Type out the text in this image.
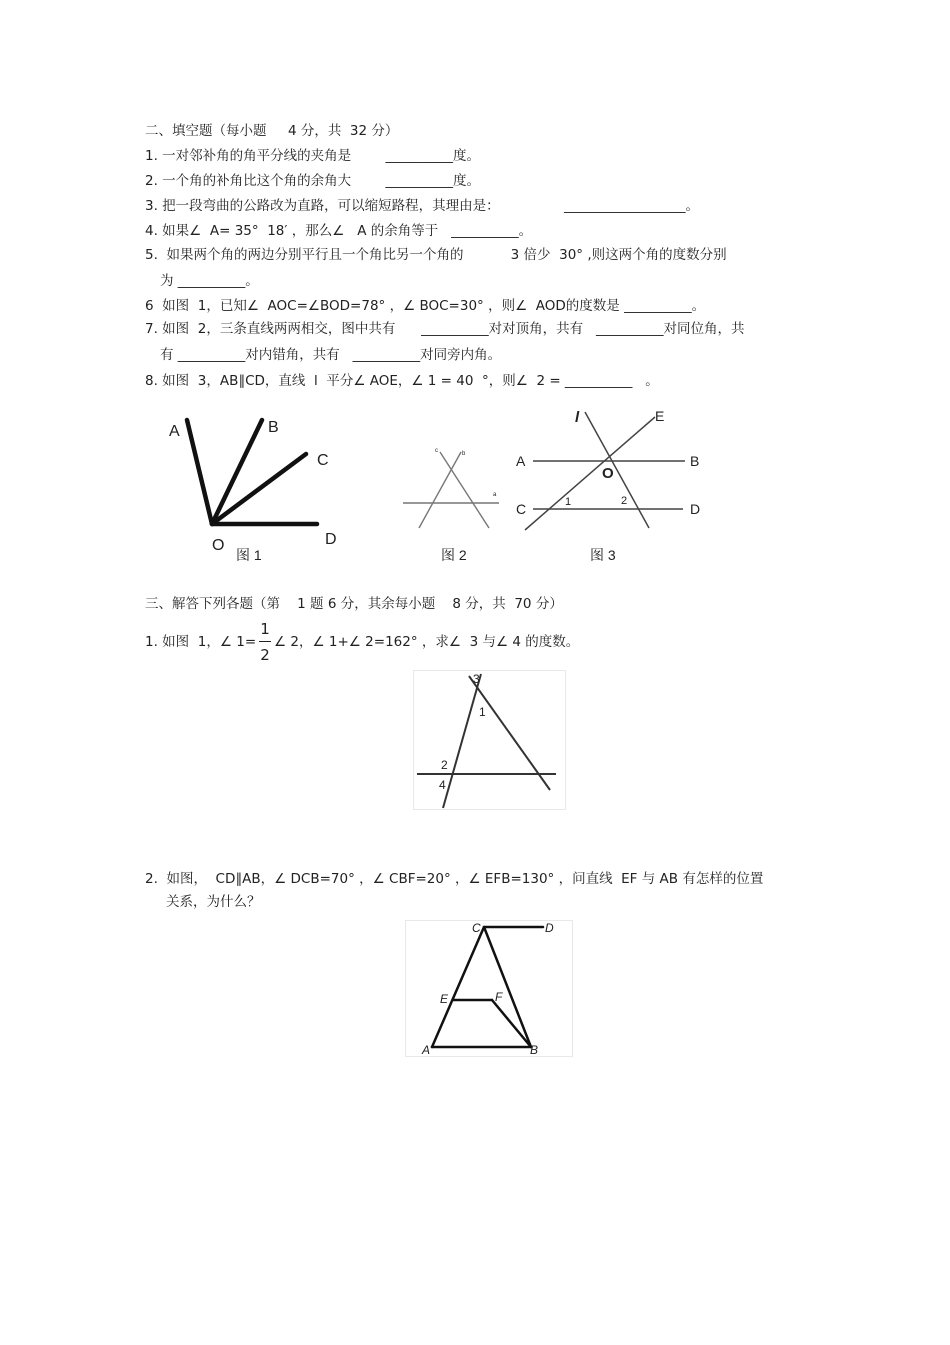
二、填空题（每小题     4 分，共  32 分）
1. 一对邻补角的角平分线的夹角是        __________度。
2. 一个角的补角比这个角的余角大        __________度。
3. 把一段弯曲的公路改为直路，可以缩短路程，其理由是：               __________________。
4. 如果∠  A= 35°  18′ ，那么∠   A 的余角等于   __________。
5.  如果两个角的两边分别平行且一个角比另一个角的           3 倍少  30° ,则这两个角的度数分别
为 __________。
6  如图  1，已知∠  AOC=∠BOD=78° ，∠ BOC=30° ，则∠  AOD的度数是 __________。
7. 如图  2，三条直线两两相交，图中共有      __________对对顶角，共有   __________对同位角，共
有 __________对内错角，共有   __________对同旁内角。
8. 如图  3，AB∥CD，直线  l  平分∠ AOE，∠ 1 = 40  °，则∠  2 = __________   。
A	B
C
O	D
图 1
c	b
a
图 2
l	E
A	B
O
C	1	2	D
图 3
三、解答下列各题（第    1 题 6 分，其余每小题    8 分，共  70 分）
1. 如图  1，∠ 1=
1
2
∠ 2，∠ 1+∠ 2=162° ，求∠  3 与∠ 4 的度数。
3
1
2
4
2.  如图，  CD∥AB，∠ DCB=70° ，∠ CBF=20° ，∠ EFB=130° ，问直线  EF 与 AB 有怎样的位置
关系，为什么？
C	D
E	F
A	B
